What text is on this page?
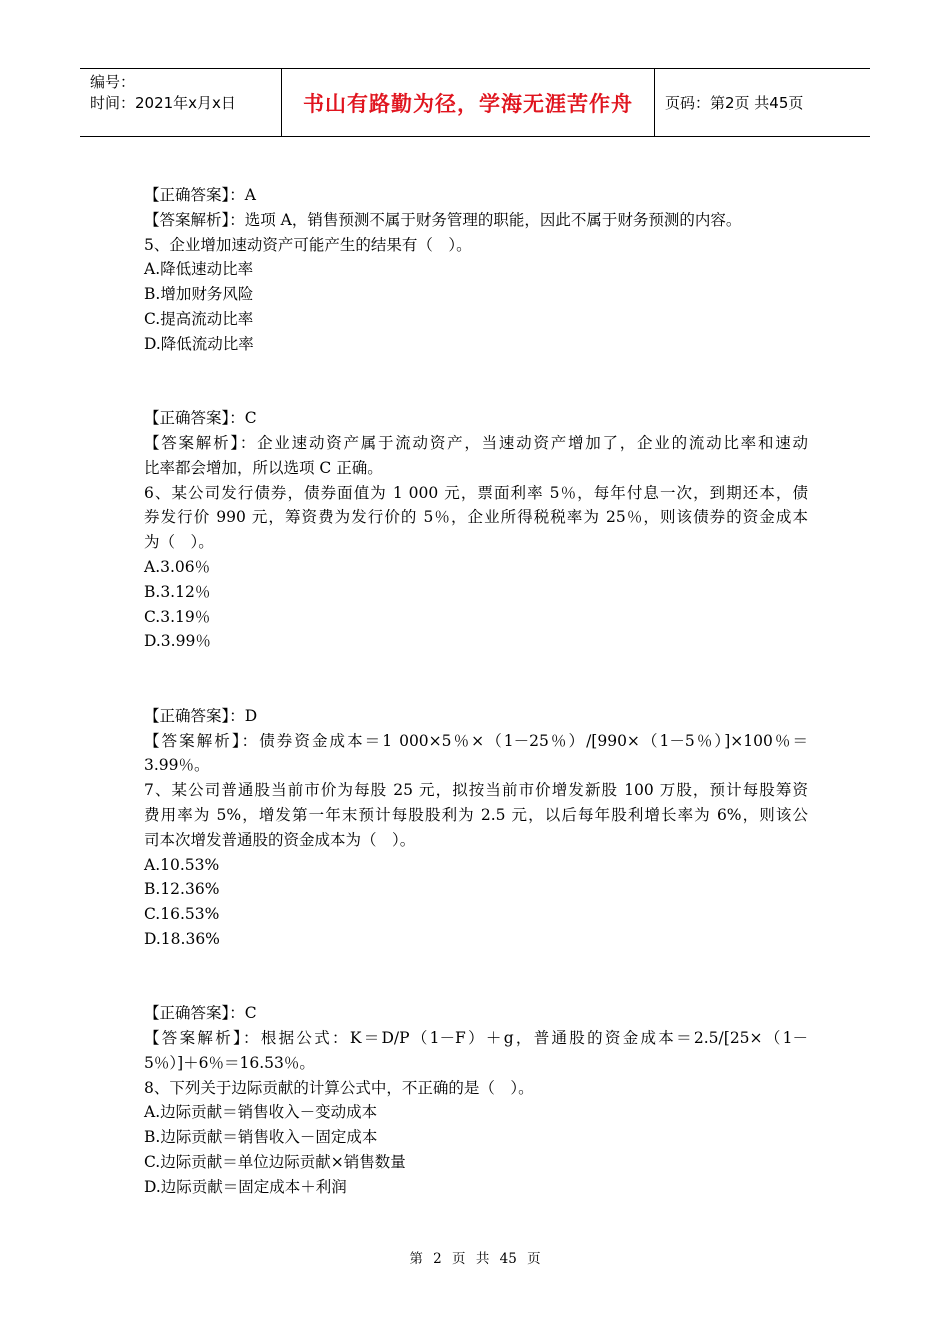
编号：
时间：2021年x月x日	书山有路勤为径，学海无涯苦作舟 页码：第2页 共45页
【正确答案】：A
【答案解析】：选项 A，销售预测不属于财务管理的职能，因此不属于财务预测的内容。
5、企业增加速动资产可能产生的结果有（　）。
A.降低速动比率
B.增加财务风险
C.提高流动比率
D.降低流动比率
【正确答案】：C
【答案解析】：企业速动资产属于流动资产，当速动资产增加了，企业的流动比率和速动
比率都会增加，所以选项 C 正确。
6、某公司发行债券，债券面值为 1 000 元，票面利率 5％，每年付息一次，到期还本，债
券发行价 990 元，筹资费为发行价的 5％，企业所得税税率为 25％，则该债券的资金成本
为（　）。
A.3.06％
B.3.12％
C.3.19％
D.3.99％
【正确答案】：D
【答案解析】：债券资金成本＝1 000×5％×（1－25％）/[990×（1－5％）]×100％＝
3.99％。
7、某公司普通股当前市价为每股 25 元，拟按当前市价增发新股 100 万股，预计每股筹资
费用率为 5%，增发第一年末预计每股股利为 2.5 元，以后每年股利增长率为 6%，则该公
司本次增发普通股的资金成本为（　）。
A.10.53%
B.12.36%
C.16.53%
D.18.36%
【正确答案】：C
【答案解析】：根据公式：K＝D/P（1－F）＋g，普通股的资金成本＝2.5/[25×（1－
5％）]＋6％＝16.53％。
8、下列关于边际贡献的计算公式中，不正确的是（　）。
A.边际贡献＝销售收入－变动成本
B.边际贡献＝销售收入－固定成本
C.边际贡献＝单位边际贡献×销售数量
D.边际贡献＝固定成本＋利润
第 2 页 共 45 页
